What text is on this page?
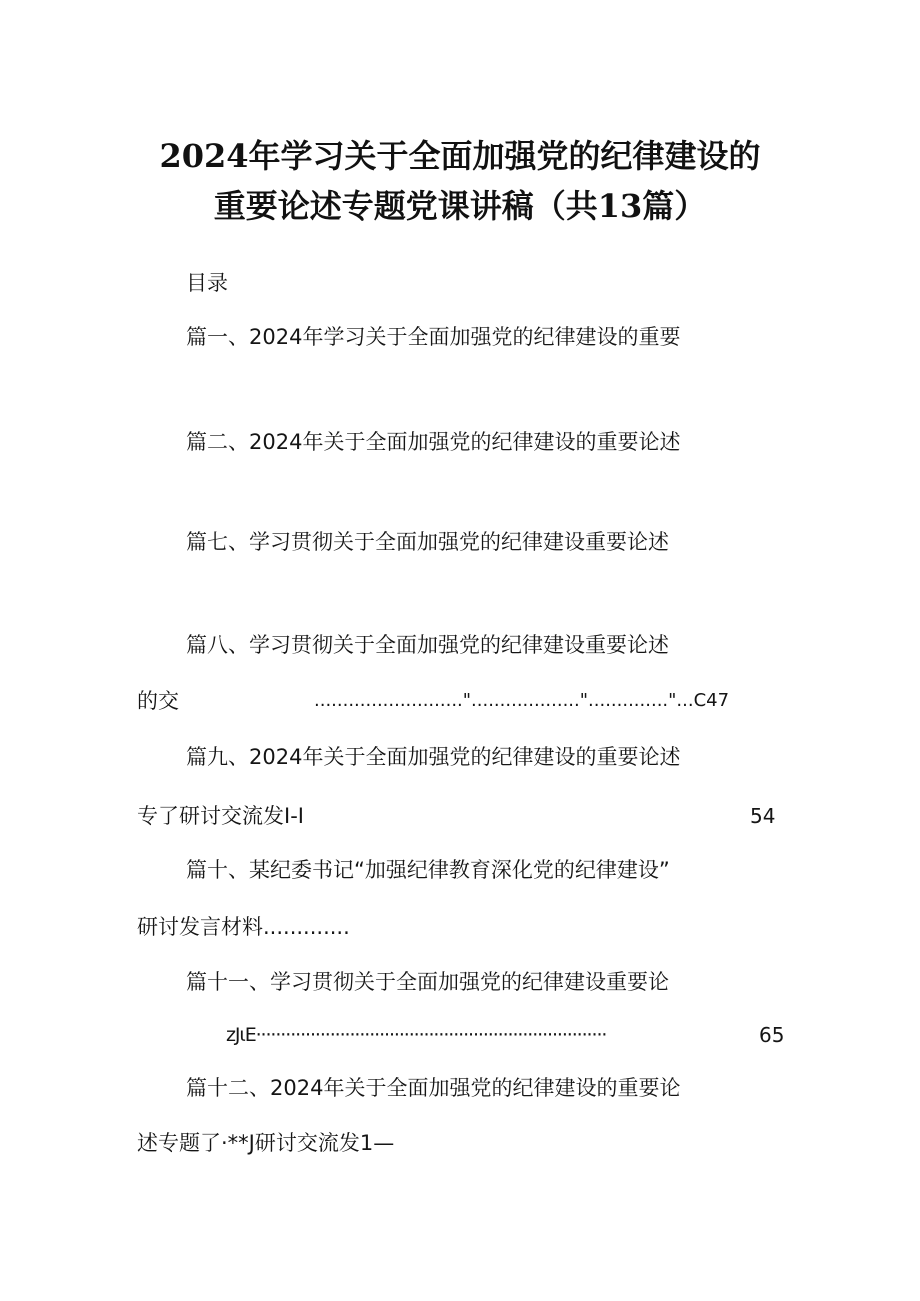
2024年学习关于全面加强党的纪律建设的
重要论述专题党课讲稿（共13篇）
目录
篇一、2024年学习关于全面加强党的纪律建设的重要
篇二、2024年关于全面加强党的纪律建设的重要论述
篇七、学习贯彻关于全面加强党的纪律建设重要论述
篇八、学习贯彻关于全面加强党的纪律建设重要论述
的交	.........................."...................".............."...C47
篇九、2024年关于全面加强党的纪律建设的重要论述
专了研讨交流发I-I	54
篇十、某纪委书记“加强纪律教育深化党的纪律建设”
研讨发言材料.............
篇十一、学习贯彻关于全面加强党的纪律建设重要论
zJιE·······································································	65
篇十二、2024年关于全面加强党的纪律建设的重要论
述专题了·**J研讨交流发1—
